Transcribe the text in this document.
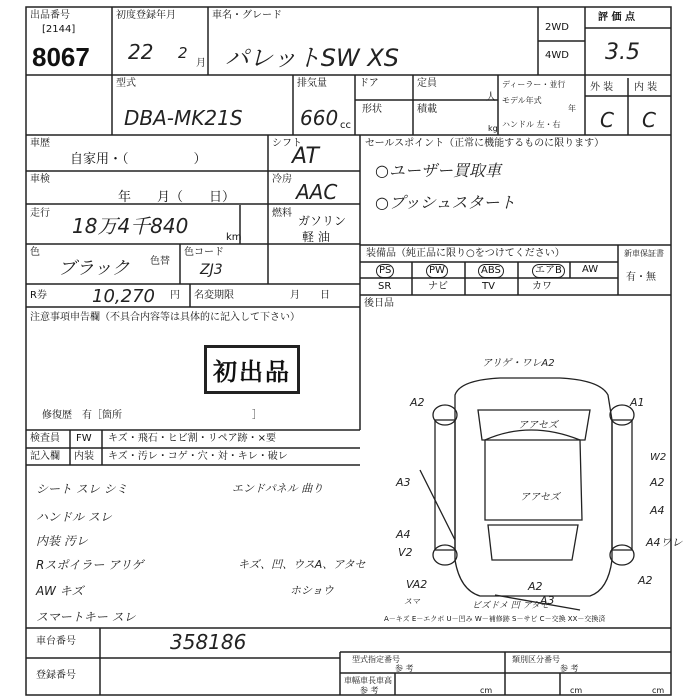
出品番号
[2144]
8067
初度登録年月
22 2
月
車名・グレード
パレットSW XS
2WD
4WD
評 価 点
3.5
外 装 内 装
C C
型式
DBA-MK21S
排気量
660 cc
ドア	定員
人
形状	積載
kg
ディーラー・並行
モデル年式
年
ハンドル 左・右
車歴
自家用・（　　　　　）
シフト
AT
車検
年　　月（　　日）
冷房
AAC
走行
18万4千840	km
燃料
ガソリン
軽 油
色
ブラック 色替
色コード
ZJ3
R券	10,270 円 名変期限	月　　日
セールスポイント（正常に機能するものに限ります）
○ユーザー買取車
○プッシュスタート
装備品（純正品に限り○をつけてください）	新車保証書
有・無
PS	PW	ABS	エアB	AW
SR	ナビ	TV	カワ
後日品
注意事項申告欄（不具合内容等は具体的に記入して下さい）
初出品
修復歴　有［箇所　　　　　　　　　　　　　］
検査員 FW キズ・飛石・ヒビ割・リペア跡・×要
記入欄 内装 キズ・汚レ・コゲ・穴・対・キレ・破レ
シート スレ シミ
ハンドル スレ
内装 汚レ
Rスポイラー アリゲ
AW キズ
スマートキー スレ
エンドパネル 曲り
キズ、凹、ウスA、アタセ
ホショウ
アリゲ・ワレA2
A2	A1
アアセズ
W2
A3
アアセズ
A2
A4
A4
A4ワレ
V2
VA2	A2	A2
ビズドメ 凹 アタセ
A3
スマ
A－キズ E－エクボ U－凹み W－補修跡 S－サビ C－交換 XX－交換済
車台番号	358186
登録番号
型式指定番号
参 考
類別区分番号
参 考
車幅車長車高
参 考	cm	cm	cm
